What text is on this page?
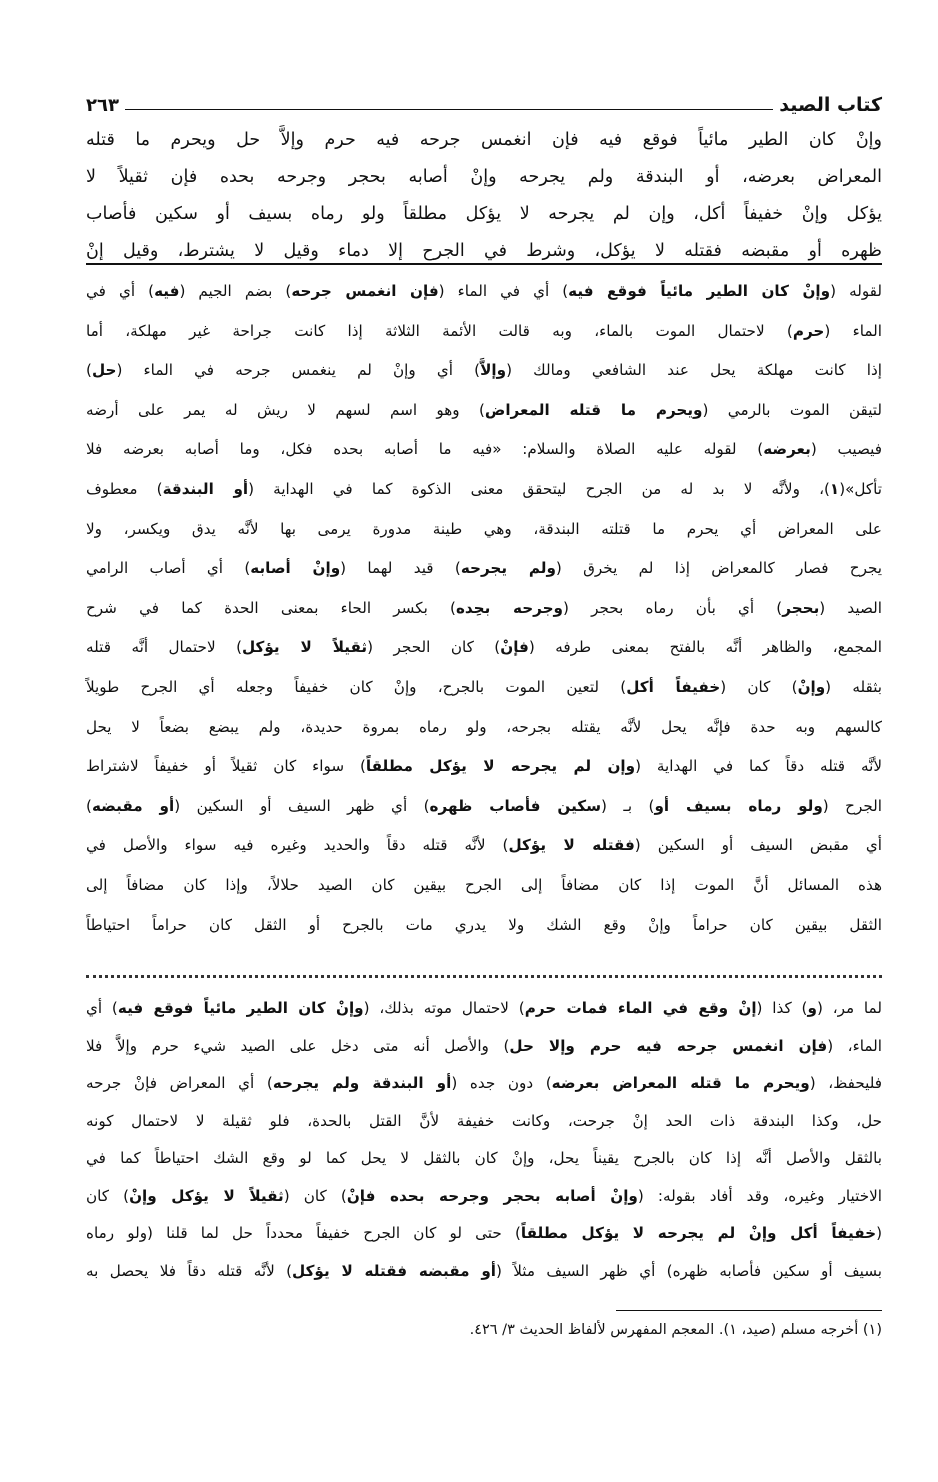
كتاب الصيد
٢٦٣
وإنْ كان الطير مائياً فوقع فيه فإن انغمس جرحه فيه حرم وإلاَّ حل ويحرم ما قتله
المعراض بعرضه، أو البندقة ولم يجرحه وإنْ أصابه بحجر وجرحه بحده فإن ثقيلاً لا
يؤكل وإنْ خفيفاً أكل، وإن لم يجرحه لا يؤكل مطلقاً ولو رماه بسيف أو سكين فأصاب
ظهره أو مقبضه فقتله لا يؤكل، وشرط في الجرح إلا دماء وقيل لا يشترط، وقيل إنْ
لقوله (وإنْ كان الطير مائياً فوقع فيه) أي في الماء (فإن انغمس جرحه) بضم الجيم (فيه) أي في
الماء (حرم) لاحتمال الموت بالماء، وبه قالت الأئمة الثلاثة إذا كانت جراحة غير مهلكة، أما
إذا كانت مهلكة يحل عند الشافعي ومالك (وإلاَّ) أي وإنْ لم ينغمس جرحه في الماء (حل)
لتيقن الموت بالرمي (ويحرم ما قتله المعراض) وهو اسم لسهم لا ريش له يمر على أرضه
فيصيب (بعرضه) لقوله عليه الصلاة والسلام: «فيه ما أصابه بحده فكل، وما أصابه بعرضه فلا
تأكل»(١)، ولأنَّه لا بد له من الجرح ليتحقق معنى الذكوة كما في الهداية (أو البندقة) معطوف
على المعراض أي يحرم ما قتلته البندقة، وهي طينة مدورة يرمى بها لأنَّه يدق ويكسر، ولا
يجرح فصار كالمعراض إذا لم يخرق (ولم يجرحه) قيد لهما (وإنْ أصابه) أي أصاب الرامي
الصيد (بحجر) أي بأن رماه بحجر (وجرحه بحِده) بكسر الحاء بمعنى الحدة كما في شرح
المجمع، والظاهر أنَّه بالفتح بمعنى طرفه (فإنْ) كان الحجر (ثقيلاً لا يؤكل) لاحتمال أنَّه قتله
بثقله (وإنْ) كان (خفيفاً أكل) لتعين الموت بالجرح، وإنْ كان خفيفاً وجعله أي الجرح طويلاً
كالسهم وبه حدة فإنَّه يحل لأنَّه يقتله بجرحه، ولو رماه بمروة حديدة، ولم يبضع بضعاً لا يحل
لأنَّه قتله دقاً كما في الهداية (وإن لم يجرحه لا يؤكل مطلقاً) سواء كان ثقيلاً أو خفيفاً لاشتراط
الجرح (ولو رماه بسيف أو) بـ (سكين فأصاب ظهره) أي ظهر السيف أو السكين (أو مقبضه)
أي مقبض السيف أو السكين (فقتله لا يؤكل) لأنَّه قتله دقاً والحديد وغيره فيه سواء والأصل في
هذه المسائل أنَّ الموت إذا كان مضافاً إلى الجرح بيقين كان الصيد حلالاً، وإذا كان مضافاً إلى
الثقل بيقين كان حراماً وإنْ وقع الشك ولا يدري مات بالجرح أو الثقل كان حراماً احتياطاً
لما مر، (و) كذا (إنْ وقع في الماء فمات حرم) لاحتمال موته بذلك، (وإنْ كان الطير مائياً فوقع فيه) أي
الماء، (فإن انغمس جرحه فيه حرم وإلا حل) والأصل أنه متى دخل على الصيد شيء حرم وإلاَّ فلا
فليحفظ، (ويحرم ما قتله المعراض بعرضه) دون جده (أو البندقة ولم يجرحه) أي المعراض فإنْ جرحه
حل، وكذا البندقة ذات الحد إنْ جرحت، وكانت خفيفة لأنَّ القتل بالحدة، فلو ثقيلة لا لاحتمال كونه
بالثقل والأصل أنَّه إذا كان بالجرح يقيناً يحل، وإنْ كان بالثقل لا يحل كما لو وقع الشك احتياطاً كما في
الاختيار وغيره، وقد أفاد بقوله: (وإنْ أصابه بحجر وجرحه بحده فإنْ) كان (ثقيلاً لا يؤكل وإنْ) كان
(خفيفاً أكل وإنْ لم يجرحه لا يؤكل مطلقاً) حتى لو كان الجرح خفيفاً محدداً حل لما قلنا (ولو رماه
بسيف أو سكين فأصابه ظهره) أي ظهر السيف مثلاً (أو مقبضه فقتله لا يؤكل) لأنَّه قتله دقاً فلا يحصل به
(١) أخرجه مسلم (صيد، ١). المعجم المفهرس لألفاظ الحديث ٣/ ٤٢٦.
